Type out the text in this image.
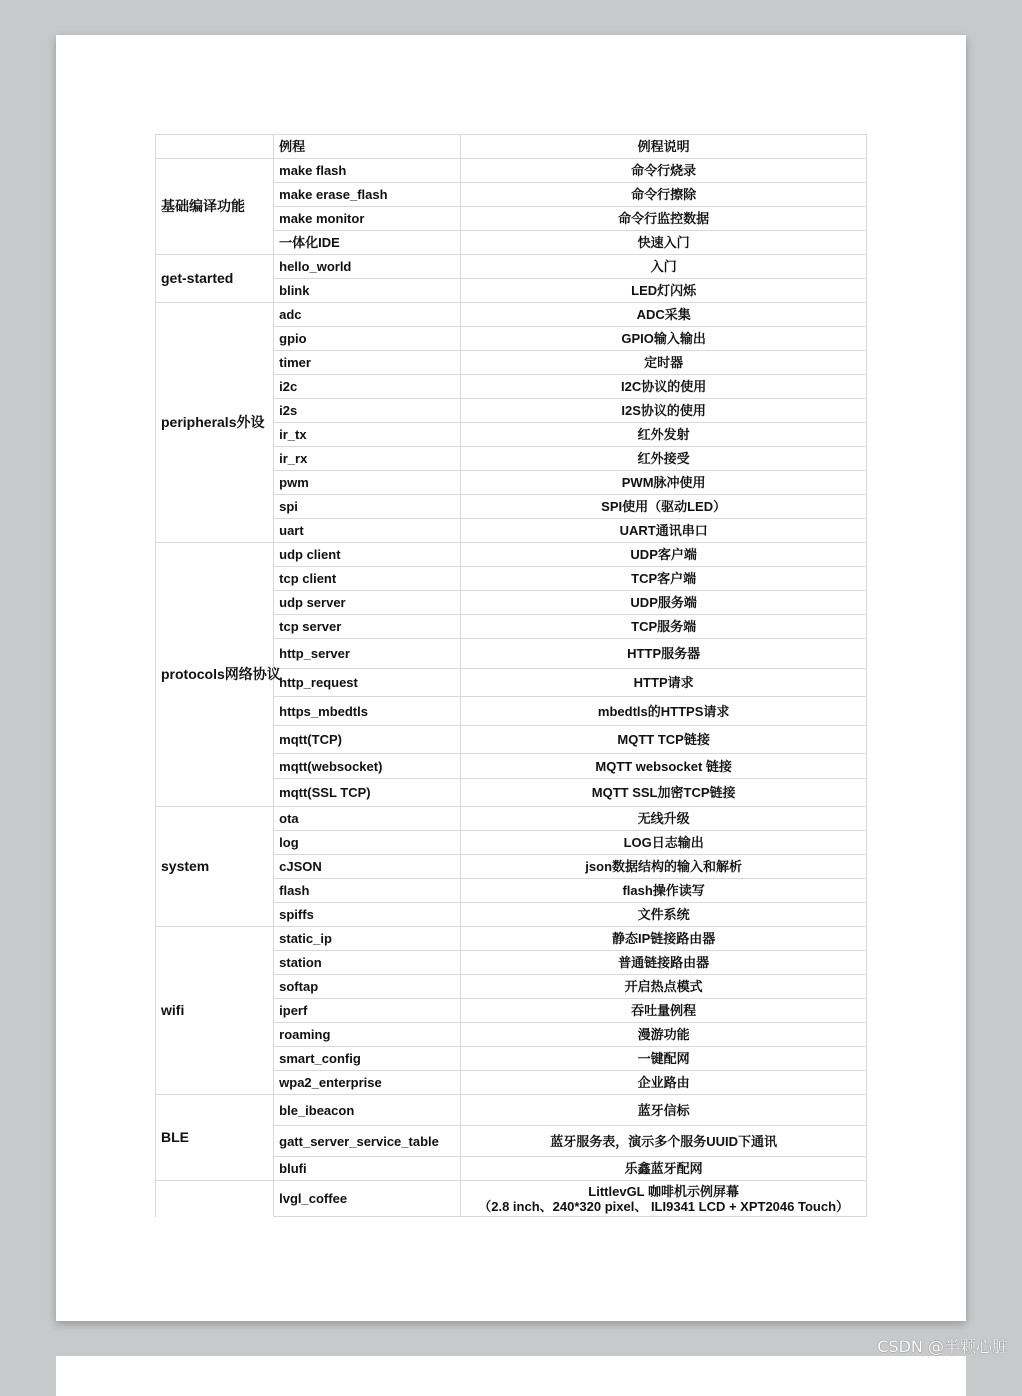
	例程	例程说明
基础编译功能	make flash	命令行烧录
	make erase_flash	命令行擦除
	make monitor	命令行监控数据
	一体化IDE	快速入门
get-started	hello_world	入门
	blink	LED灯闪烁
peripherals外设	adc	ADC采集
	gpio	GPIO输入输出
	timer	定时器
	i2c	I2C协议的使用
	i2s	I2S协议的使用
	ir_tx	红外发射
	ir_rx	红外接受
	pwm	PWM脉冲使用
	spi	SPI使用（驱动LED）
	uart	UART通讯串口
protocols网络协议	udp client	UDP客户端
	tcp client	TCP客户端
	udp server	UDP服务端
	tcp server	TCP服务端
	http_server	HTTP服务器
	http_request	HTTP请求
	https_mbedtls	mbedtls的HTTPS请求
	mqtt(TCP)	MQTT TCP链接
	mqtt(websocket)	MQTT websocket 链接
	mqtt(SSL TCP)	MQTT SSL加密TCP链接
system	ota	无线升级
	log	LOG日志输出
	cJSON	json数据结构的输入和解析
	flash	flash操作读写
	spiffs	文件系统
wifi	static_ip	静态IP链接路由器
	station	普通链接路由器
	softap	开启热点模式
	iperf	吞吐量例程
	roaming	漫游功能
	smart_config	一键配网
	wpa2_enterprise	企业路由
BLE	ble_ibeacon	蓝牙信标
	gatt_server_service_table	蓝牙服务表，演示多个服务UUID下通讯
	blufi	乐鑫蓝牙配网
	lvgl_coffee	LittlevGL 咖啡机示例屏幕
（2.8 inch、240*320 pixel、 ILI9341 LCD + XPT2046 Touch）
CSDN @半颗心脏
